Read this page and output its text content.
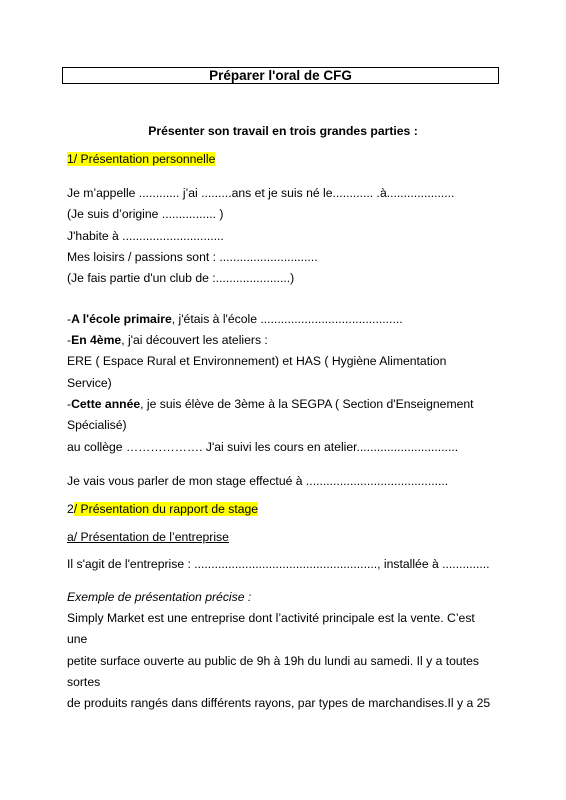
Préparer l'oral de CFG
Présenter son travail en trois grandes parties :
1/ Présentation personnelle
Je m’appelle ............ j’ai .........ans et je suis né le............ .à....................
(Je suis d’origine ................ )
J'habite à ..............................
Mes loisirs / passions sont : .............................
(Je fais partie d'un club de :......................)
-A l'école primaire, j'étais à l'école ..........................................
-En 4ème, j'ai découvert les ateliers :
ERE ( Espace Rural et Environnement) et HAS ( Hygiène Alimentation
Service)
-Cette année, je suis élève de 3ème à la SEGPA ( Section d'Enseignement
Spécialisé)
au collège ………………. J'ai suivi les cours en atelier..............................
Je vais vous parler de mon stage effectué à ..........................................
2/ Présentation du rapport de stage
a/ Présentation de l’entreprise
Il s'agit de l'entreprise : ......................................................, installée à ..............
Exemple de présentation précise :
Simply Market est une entreprise dont l’activité principale est la vente. C’est
une
petite surface ouverte au public de 9h à 19h du lundi au samedi. Il y a toutes
sortes
de produits rangés dans différents rayons, par types de marchandises.Il y a 25
